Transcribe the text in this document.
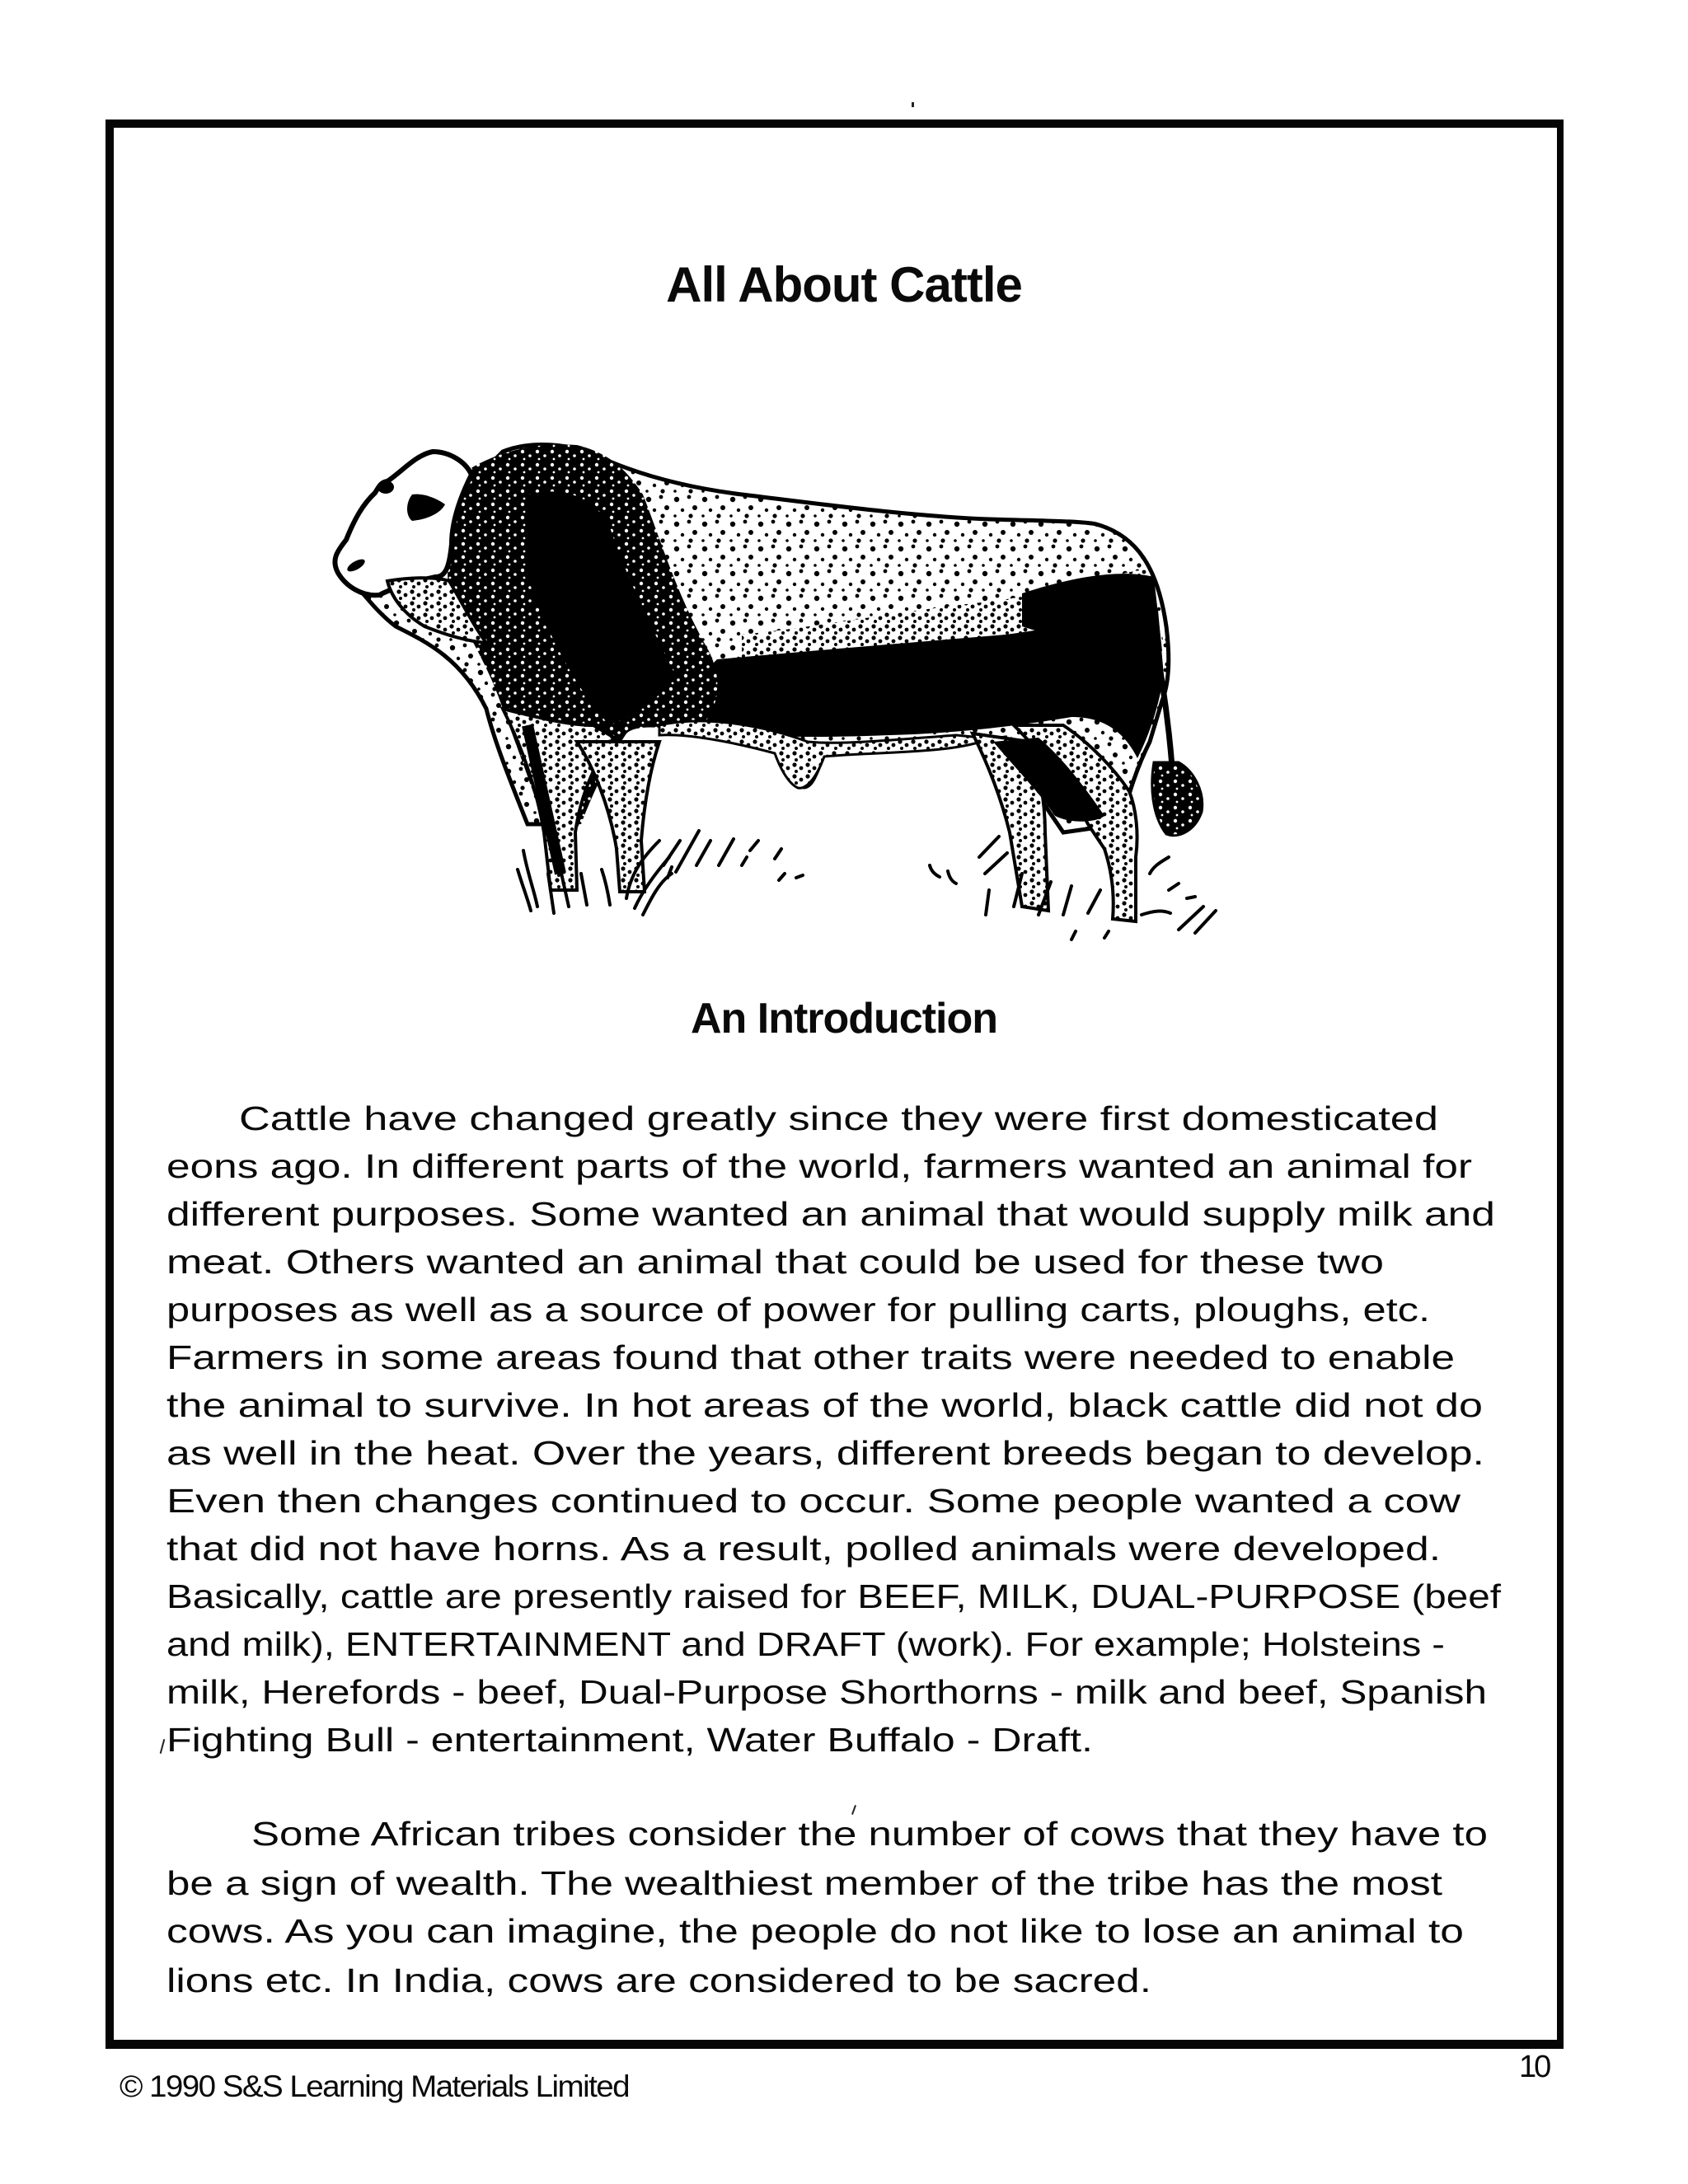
All About Cattle
An Introduction
Cattle have changed greatly since they were first domesticated
eons ago. In different parts of the world, farmers wanted an animal for
different purposes. Some wanted an animal that would supply milk and
meat. Others wanted an animal that could be used for these two
purposes as well as a source of power for pulling carts, ploughs, etc.
Farmers in some areas found that other traits were needed to enable
the animal to survive. In hot areas of the world, black cattle did not do
as well in the heat. Over the years, different breeds began to develop.
Even then changes continued to occur. Some people wanted a cow
that did not have horns. As a result, polled animals were developed.
Basically, cattle are presently raised for BEEF, MILK, DUAL-PURPOSE (beef
and milk), ENTERTAINMENT and DRAFT (work). For example; Holsteins -
milk, Herefords - beef, Dual-Purpose Shorthorns - milk and beef, Spanish
Fighting Bull - entertainment, Water Buffalo - Draft.
Some African tribes consider the number of cows that they have to
be a sign of wealth. The wealthiest member of the tribe has the most
cows. As you can imagine, the people do not like to lose an animal to
lions etc. In India, cows are considered to be sacred.
© 1990 S&S Learning Materials Limited
10
